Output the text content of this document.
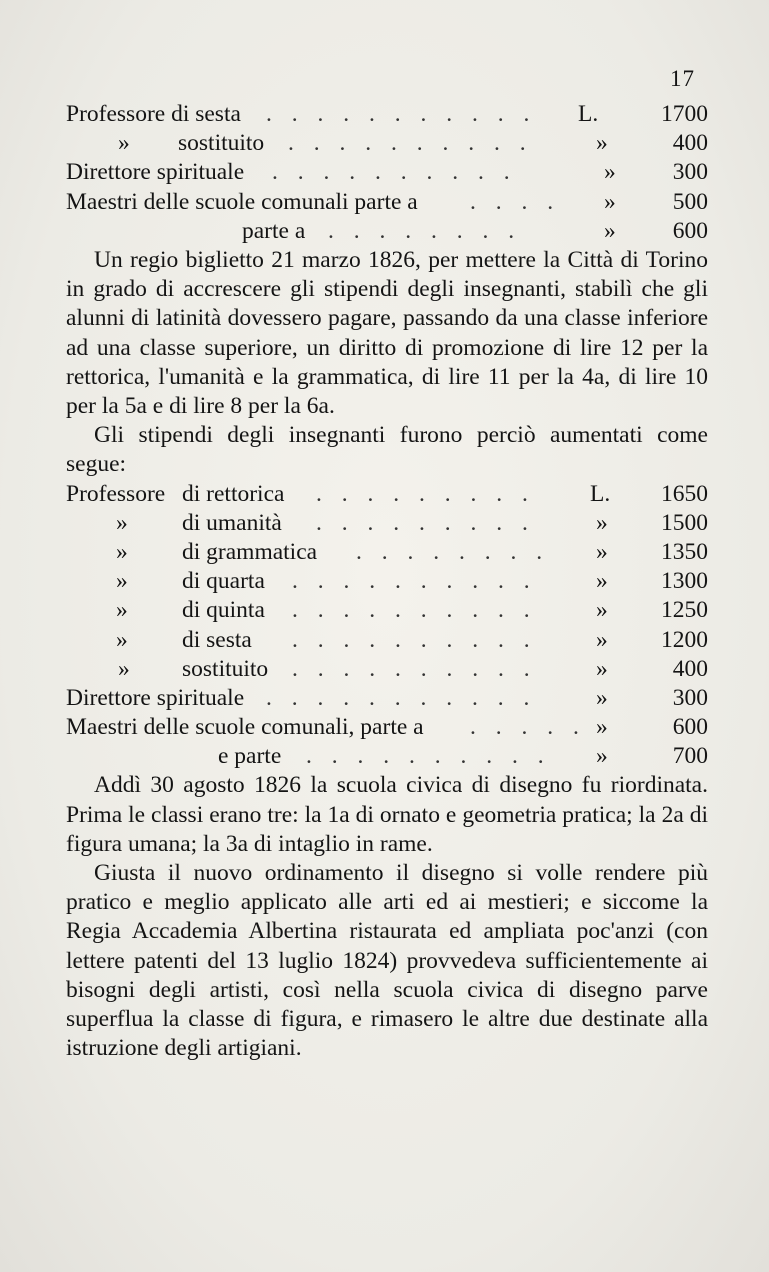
17
Professore di sesta . . . . . . . . . . . L.	1700
» sostituito . . . . . . . . . .	»	400
Direttore spirituale . . . . . . . . . .	» 300
Maestri delle scuole comunali parte a . . . . » 500
parte a . . . . . . . .	» 600

Un regio biglietto 21 marzo 1826, per mettere la Città di Torino in grado di accrescere gli stipendi degli insegnanti, stabilì che gli alunni di latinità dovessero pagare, passando da una classe inferiore ad una classe superiore, un diritto di promozione di lire 12 per la rettorica, l'umanità e la grammatica, di lire 11 per la 4a, di lire 10 per la 5a e di lire 8 per la 6a.

Gli stipendi degli insegnanti furono perciò aumentati come segue:

Professore di rettorica . . . . . . . . . L. 1650
» di umanità . . . . . . . . .	» 1500
» di grammatica . . . . . . . . » 1350
» di quarta . . . . . . . . . .	» 1300
» di quinta . . . . . . . . . .	» 1250
» di sesta . . . . . . . . . .	» 1200
» sostituito . . . . . . . . . .	»	400
Direttore spirituale . . . . . . . . . . .	»	300
Maestri delle scuole comunali, parte a . . . . . »	600
e parte . . . . . . . . . . »	700

Addì 30 agosto 1826 la scuola civica di disegno fu riordinata. Prima le classi erano tre: la 1a di ornato e geometria pratica; la 2a di figura umana; la 3a di intaglio in rame.

Giusta il nuovo ordinamento il disegno si volle rendere più pratico e meglio applicato alle arti ed ai mestieri; e siccome la Regia Accademia Albertina ristaurata ed ampliata poc'anzi (con lettere patenti del 13 luglio 1824) provvedeva sufficientemente ai bisogni degli artisti, così nella scuola civica di disegno parve superflua la classe di figura, e rimasero le altre due destinate alla istruzione degli artigiani.
